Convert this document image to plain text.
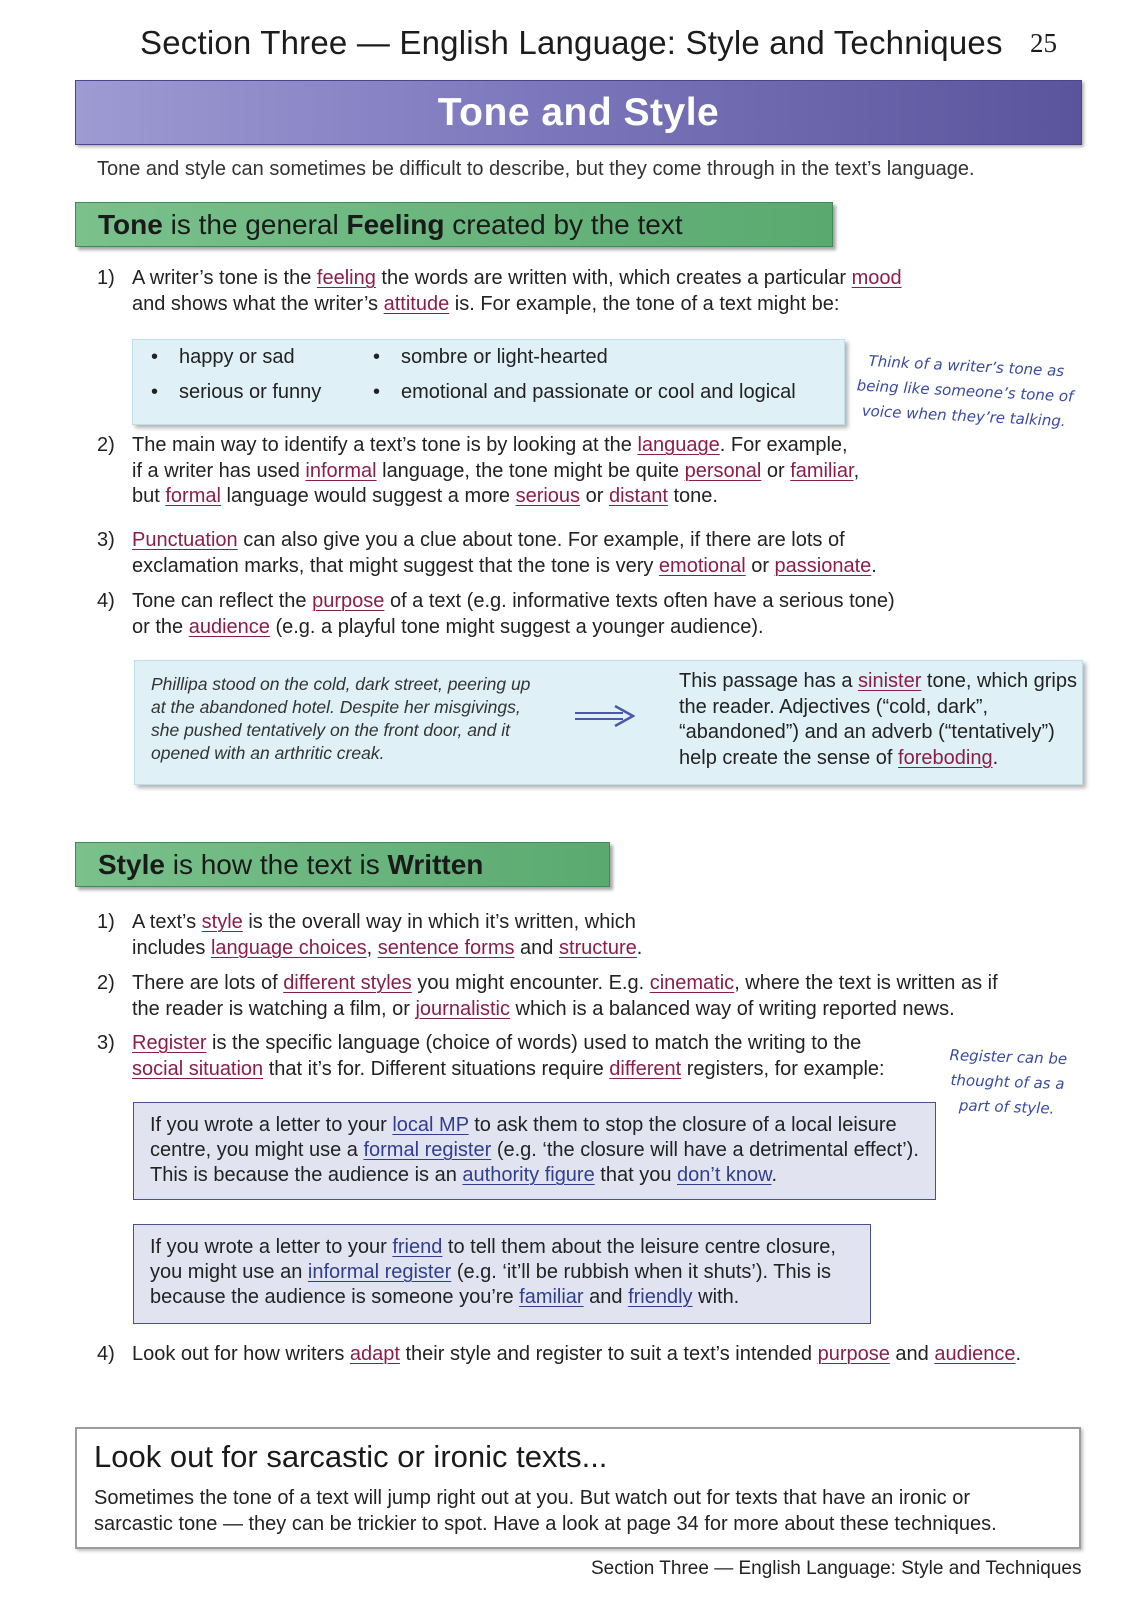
Section Three — English Language: Style and Techniques 25
Tone and Style
Tone and style can sometimes be difficult to describe, but they come through in the text’s language.
Tone is the general Feeling created by the text
1) A writer’s tone is the feeling the words are written with, which creates a particular mood
and shows what the writer’s attitude is. For example, the tone of a text might be:
• happy or sad	• sombre or light-hearted
• serious or funny	• emotional and passionate or cool and logical
Think of a writer’s tone as being like someone’s tone of voice when they’re talking.
2) The main way to identify a text’s tone is by looking at the language. For example,
if a writer has used informal language, the tone might be quite personal or familiar,
but formal language would suggest a more serious or distant tone.
3) Punctuation can also give you a clue about tone. For example, if there are lots of
exclamation marks, that might suggest that the tone is very emotional or passionate.
4) Tone can reflect the purpose of a text (e.g. informative texts often have a serious tone)
or the audience (e.g. a playful tone might suggest a younger audience).
Phillipa stood on the cold, dark street, peering up at the abandoned hotel. Despite her misgivings, she pushed tentatively on the front door, and it opened with an arthritic creak.
This passage has a sinister tone, which grips the reader. Adjectives (“cold, dark”, “abandoned”) and an adverb (“tentatively”) help create the sense of foreboding.
Style is how the text is Written
1) A text’s style is the overall way in which it’s written, which
includes language choices, sentence forms and structure.
2) There are lots of different styles you might encounter. E.g. cinematic, where the text is written as if
the reader is watching a film, or journalistic which is a balanced way of writing reported news.
3) Register is the specific language (choice of words) used to match the writing to the
social situation that it’s for. Different situations require different registers, for example:
Register can be thought of as a part of style.
If you wrote a letter to your local MP to ask them to stop the closure of a local leisure centre, you might use a formal register (e.g. ‘the closure will have a detrimental effect’). This is because the audience is an authority figure that you don’t know.
If you wrote a letter to your friend to tell them about the leisure centre closure, you might use an informal register (e.g. ‘it’ll be rubbish when it shuts’). This is because the audience is someone you’re familiar and friendly with.
4) Look out for how writers adapt their style and register to suit a text’s intended purpose and audience.
Look out for sarcastic or ironic texts...
Sometimes the tone of a text will jump right out at you. But watch out for texts that have an ironic or sarcastic tone — they can be trickier to spot. Have a look at page 34 for more about these techniques.
Section Three — English Language: Style and Techniques
